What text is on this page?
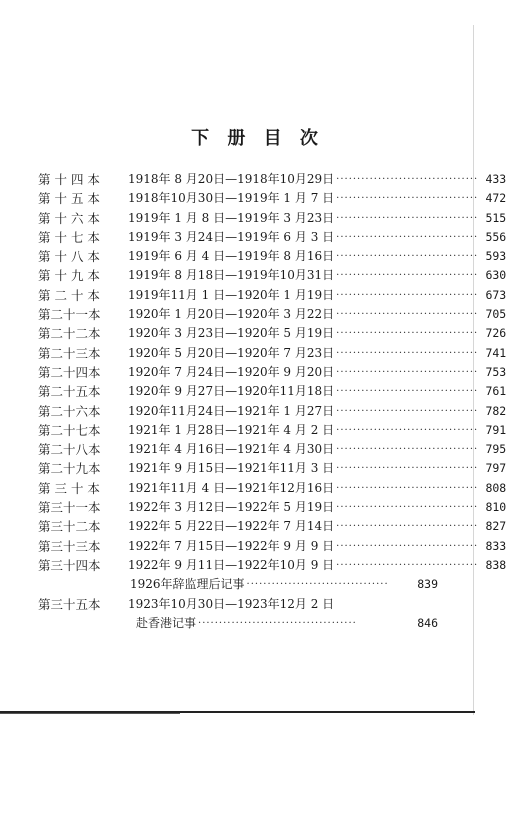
下 册 目 次
第 十 四 本	1918年 8 月20日—1918年10月29日 ·································· 433
第 十 五 本	1918年10月30日—1919年 1 月 7 日 ·································· 472
第 十 六 本	1919年 1 月 8 日—1919年 3 月23日 ·································· 515
第 十 七 本	1919年 3 月24日—1919年 6 月 3 日 ·································· 556
第 十 八 本	1919年 6 月 4 日—1919年 8 月16日 ·································· 593
第 十 九 本	1919年 8 月18日—1919年10月31日 ·································· 630
第 二 十 本	1919年11月 1 日—1920年 1 月19日 ·································· 673
第二十一本	1920年 1 月20日—1920年 3 月22日 ·································· 705
第二十二本	1920年 3 月23日—1920年 5 月19日 ·································· 726
第二十三本	1920年 5 月20日—1920年 7 月23日 ·································· 741
第二十四本	1920年 7 月24日—1920年 9 月20日 ·································· 753
第二十五本	1920年 9 月27日—1920年11月18日 ·································· 761
第二十六本	1920年11月24日—1921年 1 月27日 ·································· 782
第二十七本	1921年 1 月28日—1921年 4 月 2 日 ·································· 791
第二十八本	1921年 4 月16日—1921年 4 月30日 ·································· 795
第二十九本	1921年 9 月15日—1921年11月 3 日 ·································· 797
第 三 十 本	1921年11月 4 日—1921年12月16日 ·································· 808
第三十一本	1922年 3 月12日—1922年 5 月19日 ·································· 810
第三十二本	1922年 5 月22日—1922年 7 月14日 ·································· 827
第三十三本	1922年 7 月15日—1922年 9 月 9 日 ·································· 833
第三十四本	1922年 9 月11日—1922年10月 9 日 ·································· 838
1926年辞监理后记事 ··································	839
第三十五本	1923年10月30日—1923年12月 2 日
赴香港记事 ······································	846
